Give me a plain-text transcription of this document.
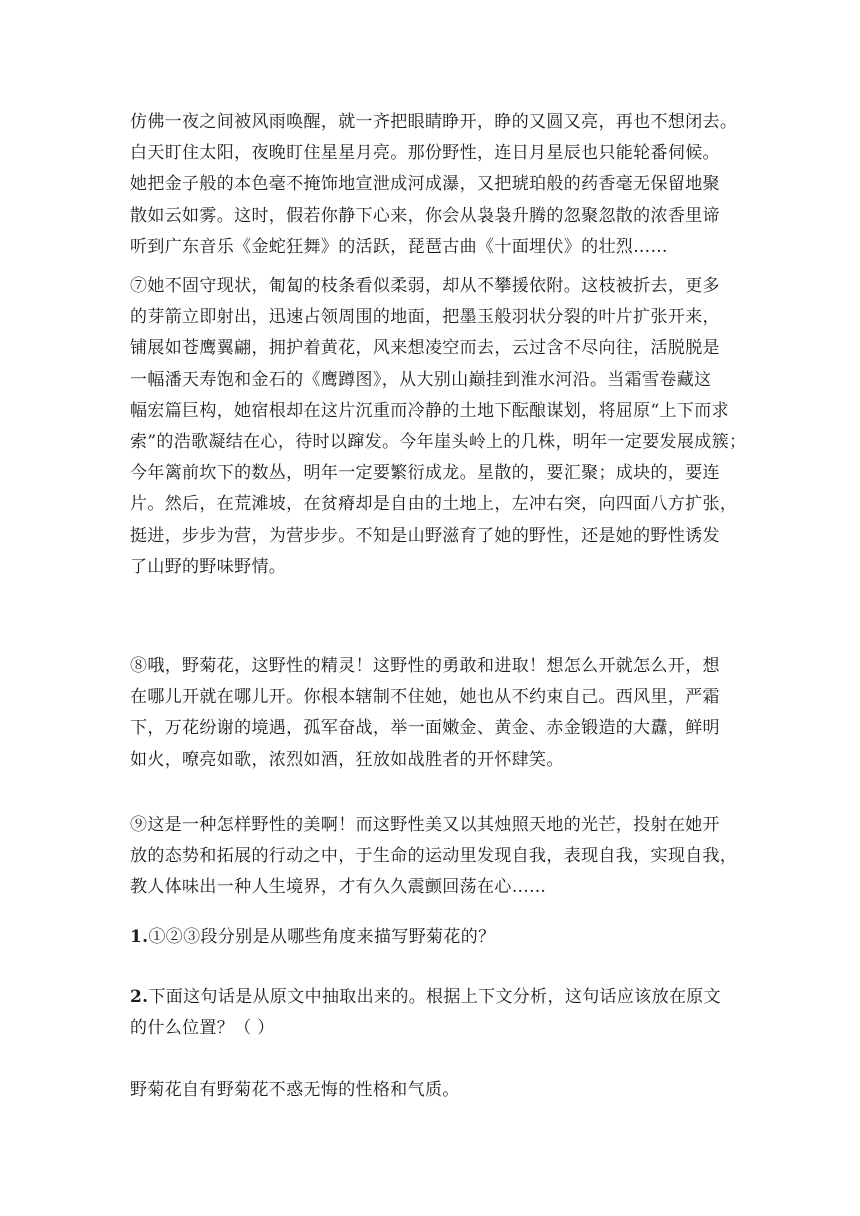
仿佛一夜之间被风雨唤醒，就一齐把眼睛睁开，睁的又圆又亮，再也不想闭去。
白天盯住太阳，夜晚盯住星星月亮。那份野性，连日月星辰也只能轮番伺候。
她把金子般的本色毫不掩饰地宣泄成河成瀑，又把琥珀般的药香毫无保留地聚
散如云如雾。这时，假若你静下心来，你会从袅袅升腾的忽聚忽散的浓香里谛
听到广东音乐《金蛇狂舞》的活跃，琵琶古曲《十面埋伏》的壮烈……

⑦她不固守现状，匍匐的枝条看似柔弱，却从不攀援依附。这枝被折去，更多
的芽箭立即射出，迅速占领周围的地面，把墨玉般羽状分裂的叶片扩张开来，
铺展如苍鹰翼翩，拥护着黄花，风来想凌空而去，云过含不尽向往，活脱脱是
一幅潘天寿饱和金石的《鹰蹲图》，从大别山巅挂到淮水河沿。当霜雪卷藏这
幅宏篇巨构，她宿根却在这片沉重而冷静的土地下酝酿谋划，将屈原“上下而求
索”的浩歌凝结在心，待时以蹿发。今年崖头岭上的几株，明年一定要发展成簇；
今年篱前坎下的数丛，明年一定要繁衍成龙。星散的，要汇聚；成块的，要连
片。然后，在荒滩坡，在贫瘠却是自由的土地上，左冲右突，向四面八方扩张，
挺进，步步为营，为营步步。不知是山野滋育了她的野性，还是她的野性诱发
了山野的野味野情。

⑧哦，野菊花，这野性的精灵！这野性的勇敢和进取！想怎么开就怎么开，想
在哪儿开就在哪儿开。你根本辖制不住她，她也从不约束自己。西风里，严霜
下，万花纷谢的境遇，孤军奋战，举一面嫩金、黄金、赤金锻造的大纛，鲜明
如火，嘹亮如歌，浓烈如酒，狂放如战胜者的开怀肆笑。

⑨这是一种怎样野性的美啊！而这野性美又以其烛照天地的光芒，投射在她开
放的态势和拓展的行动之中，于生命的运动里发现自我，表现自我，实现自我，
教人体味出一种人生境界，才有久久震颤回荡在心……

1.①②③段分别是从哪些角度来描写野菊花的？

2.下面这句话是从原文中抽取出来的。根据上下文分析，这句话应该放在原文
的什么位置？（ ）

野菊花自有野菊花不惑无悔的性格和气质。
